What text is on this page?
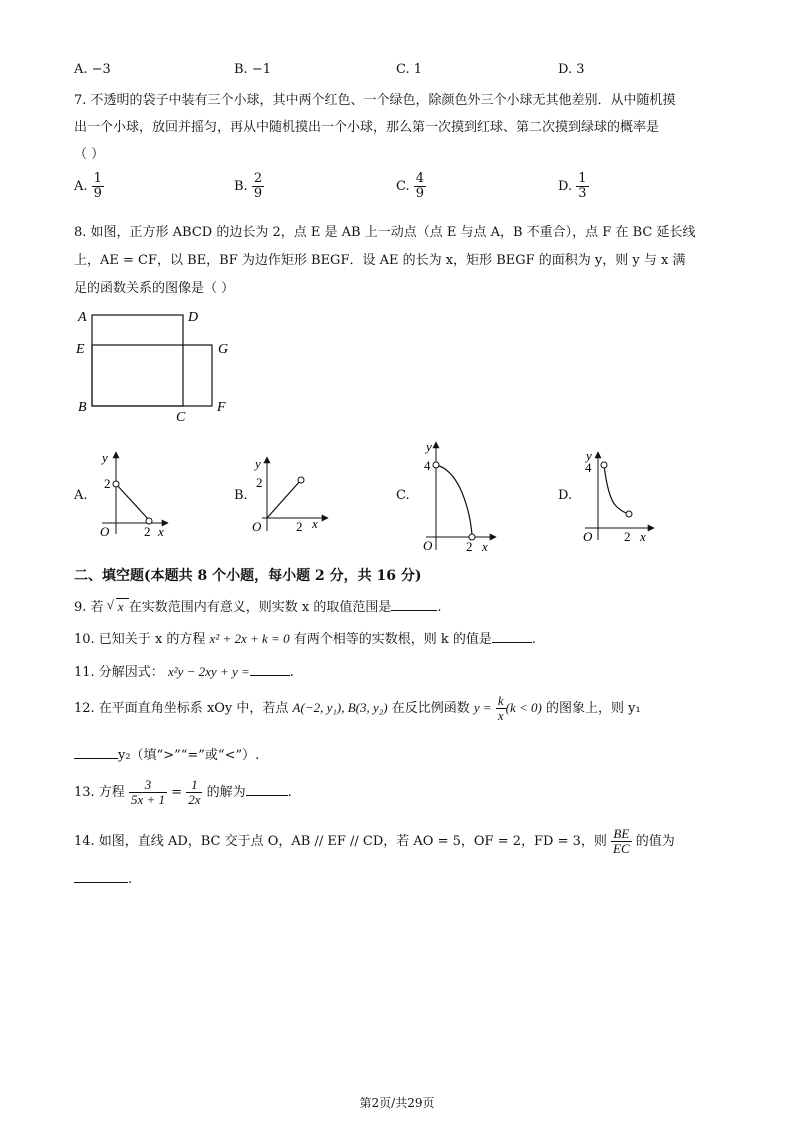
A. −3	B. −1	C. 1	D. 3
7. 不透明的袋子中装有三个小球，其中两个红色、一个绿色，除颜色外三个小球无其他差别．从中随机摸
出一个小球，放回并摇匀，再从中随机摸出一个小球，那么第一次摸到红球、第二次摸到绿球的概率是
（ ）
A. $\frac{1}{9}$	B. $\frac{2}{9}$	C. $\frac{4}{9}$	D. $\frac{1}{3}$
8. 如图，正方形 ABCD 的边长为 2，点 E 是 AB 上一动点（点 E 与点 A，B 不重合），点 F 在 BC 延长线
上，AE = CF，以 BE，BF 为边作矩形 BEGF．设 AE 的长为 x，矩形 BEGF 的面积为 y，则 y 与 x 满
足的函数关系的图像是（ ）
A	D
E	G
B
C
F
A.	B.	C.	D.
y
2
O	2 x
y
2
O	2 x
y
4
O	2 x
y
4
O 2 x
二、填空题(本题共 8 个小题，每小题 2 分，共 16 分)
9. 若 √ x 在实数范围内有意义，则实数 x 的取值范围是	.
10. 已知关于 x 的方程 x² + 2x + k = 0 有两个相等的实数根，则 k 的值是	.
11. 分解因式： x²y − 2xy + y =	.
12. 在平面直角坐标系 xOy 中，若点 A(−2, y₁), B(3, y₂) 在反比例函数 $y = \frac{k}{x} (k < 0)$ 的图象上，则 y₁
y₂（填“>”“=”或“<”）.
13. 方程 $\frac{3}{5x + 1} = \frac{1}{2x}$ 的解为	.
14. 如图，直线 AD，BC 交于点 O，AB // EF // CD，若 AO = 5，OF = 2，FD = 3，则 $\frac{BE}{EC}$ 的值为
.
第2页/共29页
